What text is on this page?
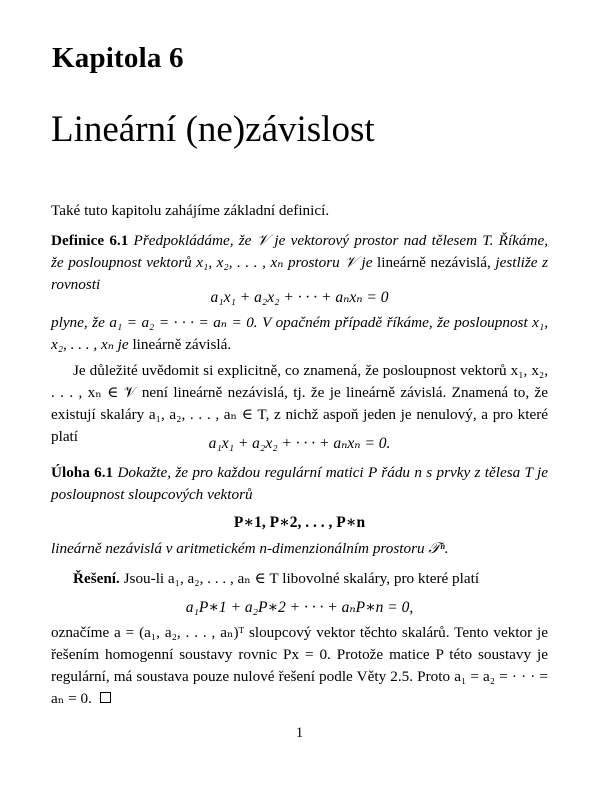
Kapitola 6
Lineární (ne)závislost

Také tuto kapitolu zahájíme základní definicí.

Definice 6.1 Předpokládáme, že 𝒱 je vektorový prostor nad tělesem T. Říkáme, že posloupnost vektorů x₁, x₂, . . . , xₙ prostoru 𝒱 je lineárně nezávislá, jestliže z rovnosti

a₁x₁ + a₂x₂ + · · · + aₙxₙ = 0

plyne, že a₁ = a₂ = · · · = aₙ = 0. V opačném případě říkáme, že posloupnost x₁, x₂, . . . , xₙ je lineárně závislá.

Je důležité uvědomit si explicitně, co znamená, že posloupnost vektorů x₁, x₂, . . . , xₙ ∈ 𝒱 není lineárně nezávislá, tj. že je lineárně závislá. Znamená to, že existují skaláry a₁, a₂, . . . , aₙ ∈ T, z nichž aspoň jeden je nenulový, a pro které platí	a₁x₁ + a₂x₂ + · · · + aₙxₙ = 0.

Úloha 6.1 Dokažte, že pro každou regulární matici P řádu n s prvky z tělesa T je posloupnost sloupcových vektorů

P∗1, P∗2, . . . , P∗n

lineárně nezávislá v aritmetickém n-dimenzionálním prostoru 𝒯ⁿ.

Řešení. Jsou-li a₁, a₂, . . . , aₙ ∈ T libovolné skaláry, pro které platí

a₁P∗1 + a₂P∗2 + · · · + aₙP∗n = 0,

označíme a = (a₁, a₂, . . . , aₙ)ᵀ sloupcový vektor těchto skalárů. Tento vektor je řešením homogenní soustavy rovnic Px = 0. Protože matice P této soustavy je regulární, má soustava pouze nulové řešení podle Věty 2.5. Proto a₁ = a₂ = · · · = aₙ = 0.

1
